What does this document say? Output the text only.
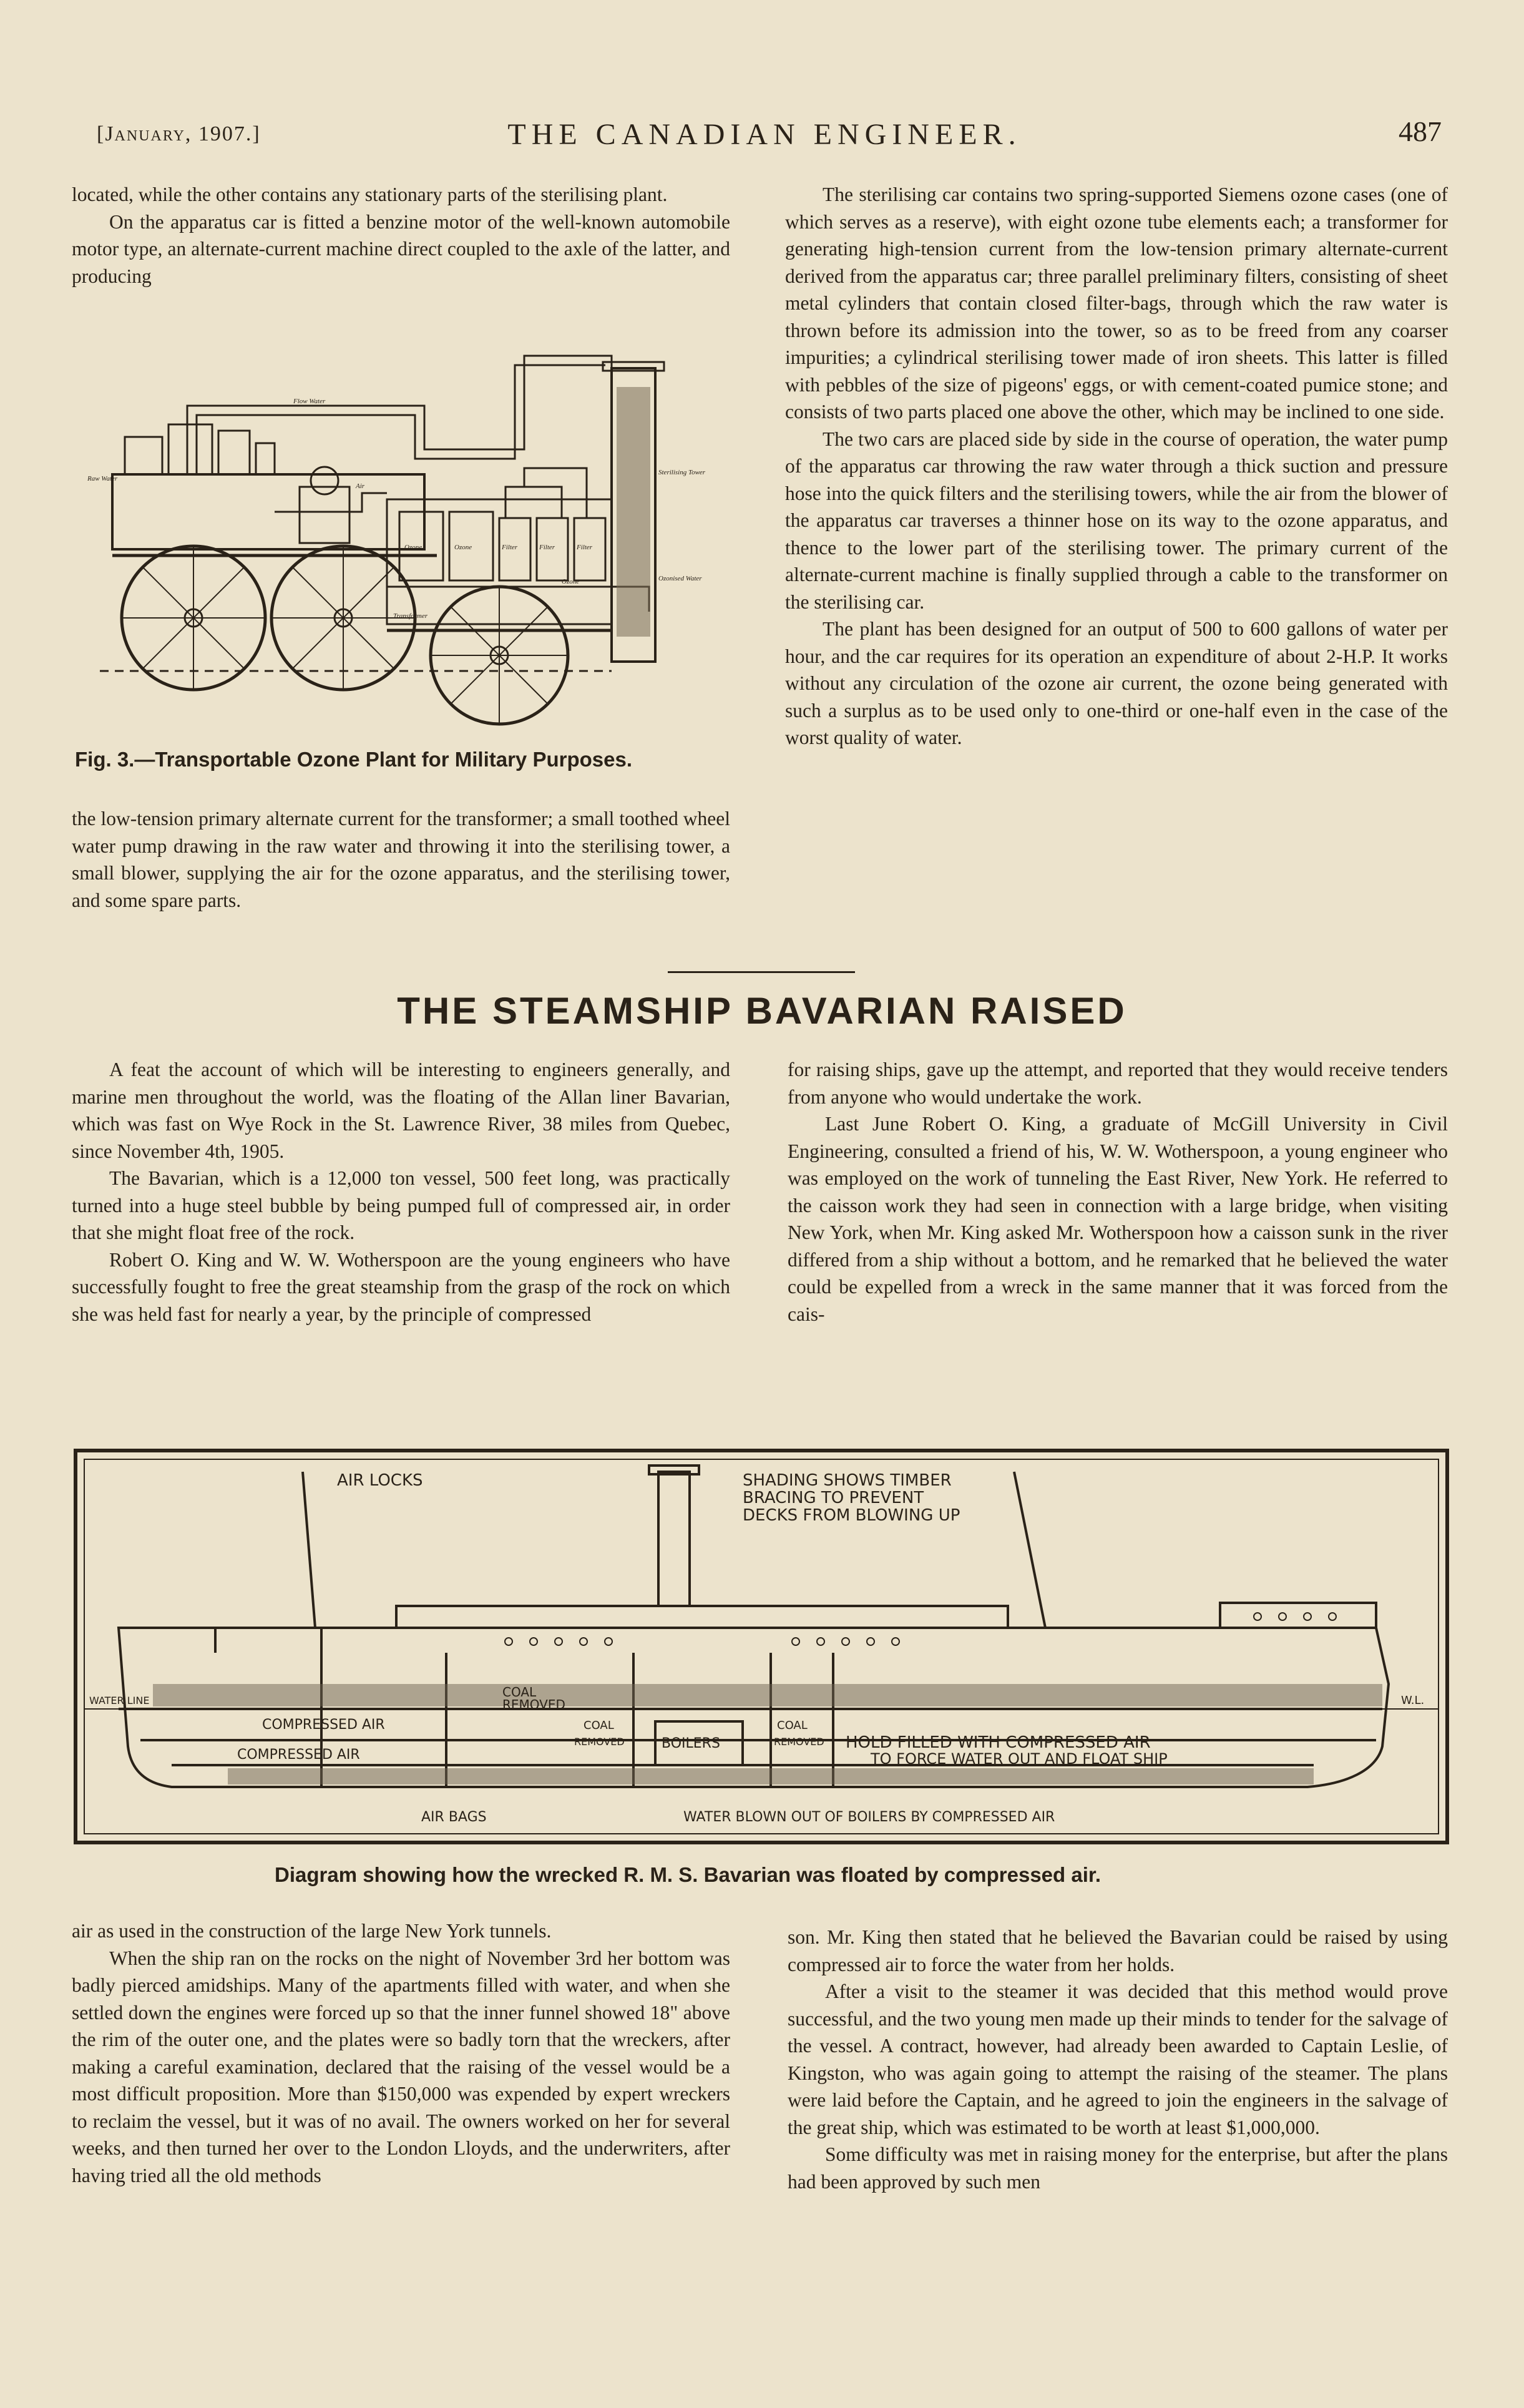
[January, 1907.]	THE CANADIAN ENGINEER.	487

located, while the other contains any stationary parts of the sterilising plant.

On the apparatus car is fitted a benzine motor of the well-known automobile motor type, an alternate-current machine direct coupled to the axle of the latter, and producing

Flow Water
Raw Water
Air
Ozone	Ozone	Filter	Filter	Filter
Transformer
Sterilising Tower
Ozonised Water
Ozone
Fig. 3.—Transportable Ozone Plant for Military Purposes.

the low-tension primary alternate current for the transformer; a small toothed wheel water pump drawing in the raw water and throwing it into the sterilising tower, a small blower, supplying the air for the ozone apparatus, and the sterilising tower, and some spare parts.

The sterilising car contains two spring-supported Siemens ozone cases (one of which serves as a reserve), with eight ozone tube elements each; a transformer for generating high-tension current from the low-tension primary alternate-current derived from the apparatus car; three parallel preliminary filters, consisting of sheet metal cylinders that contain closed filter-bags, through which the raw water is thrown before its admission into the tower, so as to be freed from any coarser impurities; a cylindrical sterilising tower made of iron sheets. This latter is filled with pebbles of the size of pigeons' eggs, or with cement-coated pumice stone; and consists of two parts placed one above the other, which may be inclined to one side.

The two cars are placed side by side in the course of operation, the water pump of the apparatus car throwing the raw water through a thick suction and pressure hose into the quick filters and the sterilising towers, while the air from the blower of the apparatus car traverses a thinner hose on its way to the ozone apparatus, and thence to the lower part of the sterilising tower. The primary current of the alternate-current machine is finally supplied through a cable to the transformer on the sterilising car.

The plant has been designed for an output of 500 to 600 gallons of water per hour, and the car requires for its operation an expenditure of about 2-H.P. It works without any circulation of the ozone air current, the ozone being generated with such a surplus as to be used only to one-third or one-half even in the case of the worst quality of water.

THE STEAMSHIP BAVARIAN RAISED

A feat the account of which will be interesting to engineers generally, and marine men throughout the world, was the floating of the Allan liner Bavarian, which was fast on Wye Rock in the St. Lawrence River, 38 miles from Quebec, since November 4th, 1905.

The Bavarian, which is a 12,000 ton vessel, 500 feet long, was practically turned into a huge steel bubble by being pumped full of compressed air, in order that she might float free of the rock.

Robert O. King and W. W. Wotherspoon are the young engineers who have successfully fought to free the great steamship from the grasp of the rock on which she was held fast for nearly a year, by the principle of compressed

for raising ships, gave up the attempt, and reported that they would receive tenders from anyone who would undertake the work.

Last June Robert O. King, a graduate of McGill University in Civil Engineering, consulted a friend of his, W. W. Wotherspoon, a young engineer who was employed on the work of tunneling the East River, New York. He referred to the caisson work they had seen in connection with a large bridge, when visiting New York, when Mr. King asked Mr. Wotherspoon how a caisson sunk in the river differed from a ship without a bottom, and he remarked that he believed the water could be expelled from a wreck in the same manner that it was forced from the cais-

AIR LOCKS	SHADING SHOWS TIMBER
BRACING TO PREVENT
DECKS FROM BLOWING UP
WATER LINE	W.L.
COAL
REMOVED
COMPRESSED AIR
COMPRESSED AIR
COAL
REMOVED	BOILERS
COAL
REMOVED HOLD FILLED WITH COMPRESSED AIR
TO FORCE WATER OUT AND FLOAT SHIP
AIR BAGS	WATER BLOWN OUT OF BOILERS BY COMPRESSED AIR
Diagram showing how the wrecked R. M. S. Bavarian was floated by compressed air.

air as used in the construction of the large New York tunnels.

When the ship ran on the rocks on the night of November 3rd her bottom was badly pierced amidships. Many of the apartments filled with water, and when she settled down the engines were forced up so that the inner funnel showed 18" above the rim of the outer one, and the plates were so badly torn that the wreckers, after making a careful examination, declared that the raising of the vessel would be a most difficult proposition. More than $150,000 was expended by expert wreckers to reclaim the vessel, but it was of no avail. The owners worked on her for several weeks, and then turned her over to the London Lloyds, and the underwriters, after having tried all the old methods

son. Mr. King then stated that he believed the Bavarian could be raised by using compressed air to force the water from her holds.

After a visit to the steamer it was decided that this method would prove successful, and the two young men made up their minds to tender for the salvage of the vessel. A contract, however, had already been awarded to Captain Leslie, of Kingston, who was again going to attempt the raising of the steamer. The plans were laid before the Captain, and he agreed to join the engineers in the salvage of the great ship, which was estimated to be worth at least $1,000,000.

Some difficulty was met in raising money for the enterprise, but after the plans had been approved by such men
